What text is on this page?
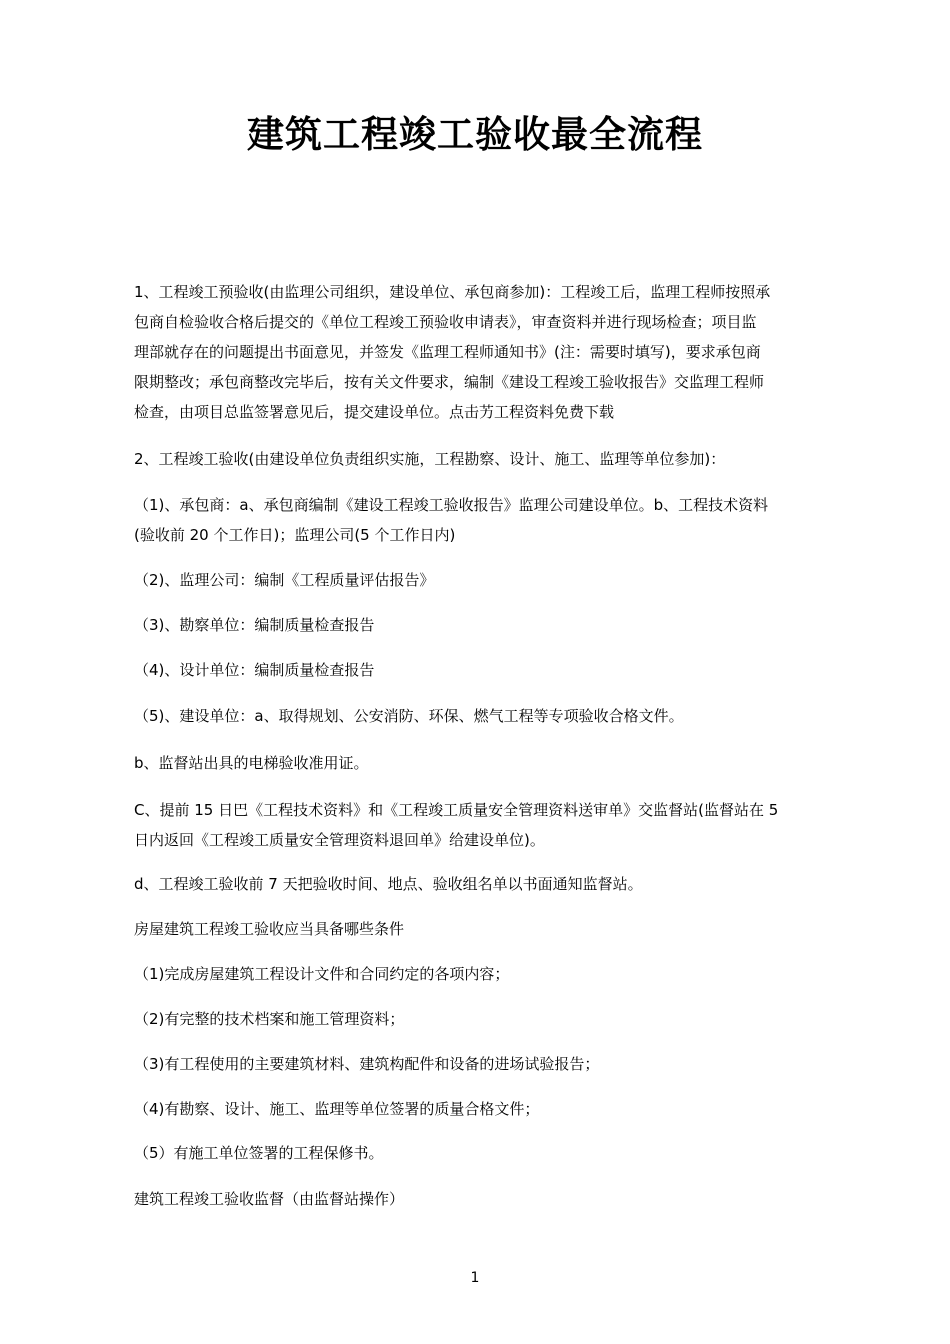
建筑工程竣工验收最全流程
1、工程竣工预验收(由监理公司组织，建设单位、承包商参加)：工程竣工后，监理工程师按照承
包商自检验收合格后提交的《单位工程竣工预验收申请表》，审查资料并进行现场检查；项目监
理部就存在的问题提出书面意见，并签发《监理工程师通知书》(注：需要时填写)，要求承包商
限期整改；承包商整改完毕后，按有关文件要求，编制《建设工程竣工验收报告》交监理工程师
检查，由项目总监签署意见后，提交建设单位。点击艻工程资料免费下载
2、工程竣工验收(由建设单位负责组织实施，工程勘察、设计、施工、监理等单位参加)：
（1)、承包商：a、承包商编制《建设工程竣工验收报告》监理公司建设单位。b、工程技术资料
(验收前 20 个工作日)；监理公司(5 个工作日内)
（2)、监理公司：编制《工程质量评估报告》
（3)、勘察单位：编制质量检查报告
（4)、设计单位：编制质量检查报告
（5)、建设单位：a、取得规划、公安消防、环保、燃气工程等专项验收合格文件。
b、监督站出具的电梯验收准用证。
C、提前 15 日巴《工程技术资料》和《工程竣工质量安全管理资料送审单》交监督站(监督站在 5
日内返回《工程竣工质量安全管理资料退回单》给建设单位)。
d、工程竣工验收前 7 天把验收时间、地点、验收组名单以书面通知监督站。
房屋建筑工程竣工验收应当具备哪些条件
（1)完成房屋建筑工程设计文件和合同约定的各项内容；
（2)有完整的技术档案和施工管理资料；
（3)有工程使用的主要建筑材料、建筑构配件和设备的进场试验报告；
（4)有勘察、设计、施工、监理等单位签署的质量合格文件；
（5）有施工单位签署的工程保修书。
建筑工程竣工验收监督（由监督站操作）
1
